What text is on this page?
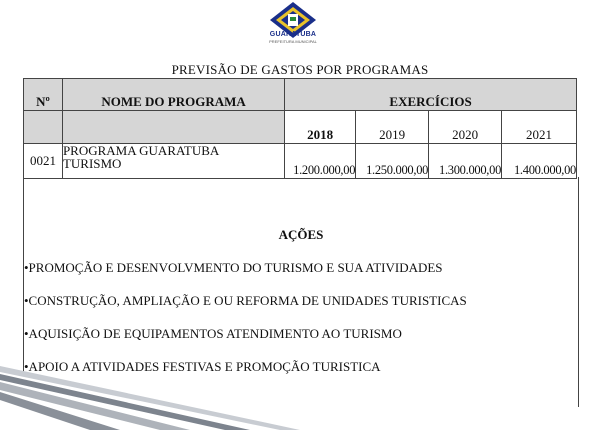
GUARATUBA
PREFEITURA MUNICIPAL
PREVISÃO DE GASTOS POR PROGRAMAS
Nº	NOME DO PROGRAMA	EXERCÍCIOS			
		2018	2019	2020	2021
0021	PROGRAMA GUARATUBA
TURISMO	1.200.000,00	1.250.000,00	1.300.000,00	1.400.000,00
AÇÕES
•PROMOÇÃO E DESENVOLVMENTO DO TURISMO E SUA ATIVIDADES
•CONSTRUÇÃO, AMPLIAÇÃO E OU REFORMA DE UNIDADES TURISTICAS
•AQUISIÇÃO DE EQUIPAMENTOS ATENDIMENTO AO TURISMO
•APOIO A ATIVIDADES FESTIVAS E PROMOÇÃO TURISTICA
